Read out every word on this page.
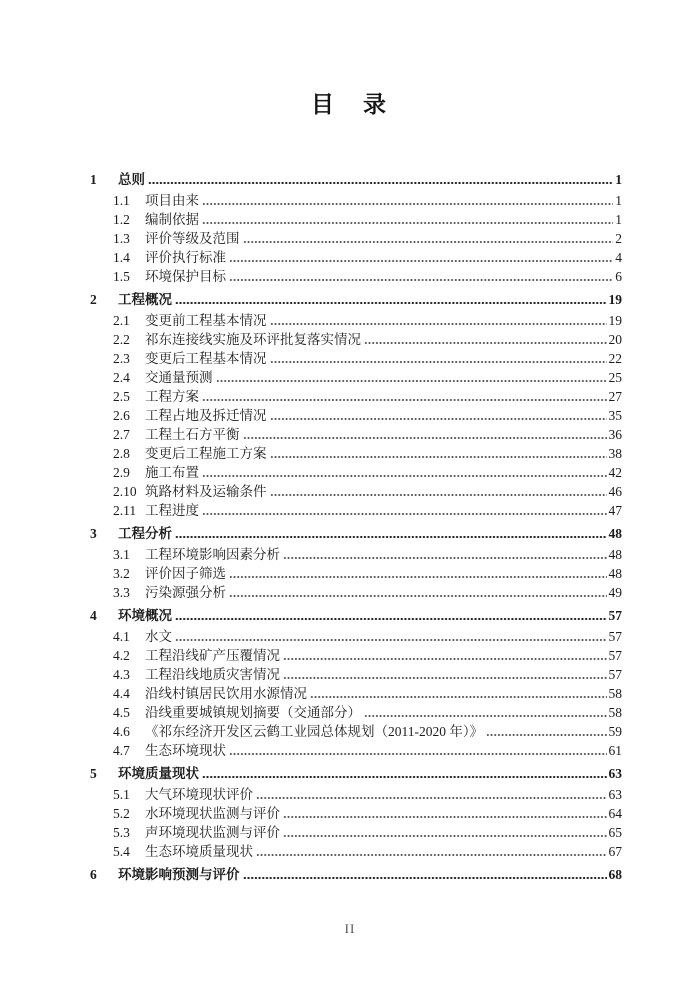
目　录
1	总则	1
1.1	项目由来	1
1.2	编制依据	1
1.3	评价等级及范围	2
1.4	评价执行标准	4
1.5	环境保护目标	6
2	工程概况	19
2.1	变更前工程基本情况	19
2.2	祁东连接线实施及环评批复落实情况	20
2.3	变更后工程基本情况	22
2.4	交通量预测	25
2.5	工程方案	27
2.6	工程占地及拆迁情况	35
2.7	工程土石方平衡	36
2.8	变更后工程施工方案	38
2.9	施工布置	42
2.10 筑路材料及运输条件	46
2.11 工程进度	47
3	工程分析	48
3.1	工程环境影响因素分析	48
3.2	评价因子筛选	48
3.3	污染源强分析	49
4	环境概况	57
4.1	水文	57
4.2	工程沿线矿产压覆情况	57
4.3	工程沿线地质灾害情况	57
4.4	沿线村镇居民饮用水源情况	58
4.5	沿线重要城镇规划摘要（交通部分）	58
4.6	《祁东经济开发区云鹤工业园总体规划（2011-2020 年）》	59
4.7	生态环境现状	61
5	环境质量现状	63
5.1	大气环境现状评价	63
5.2	水环境现状监测与评价	64
5.3	声环境现状监测与评价	65
5.4	生态环境质量现状	67
6	环境影响预测与评价	68
II
